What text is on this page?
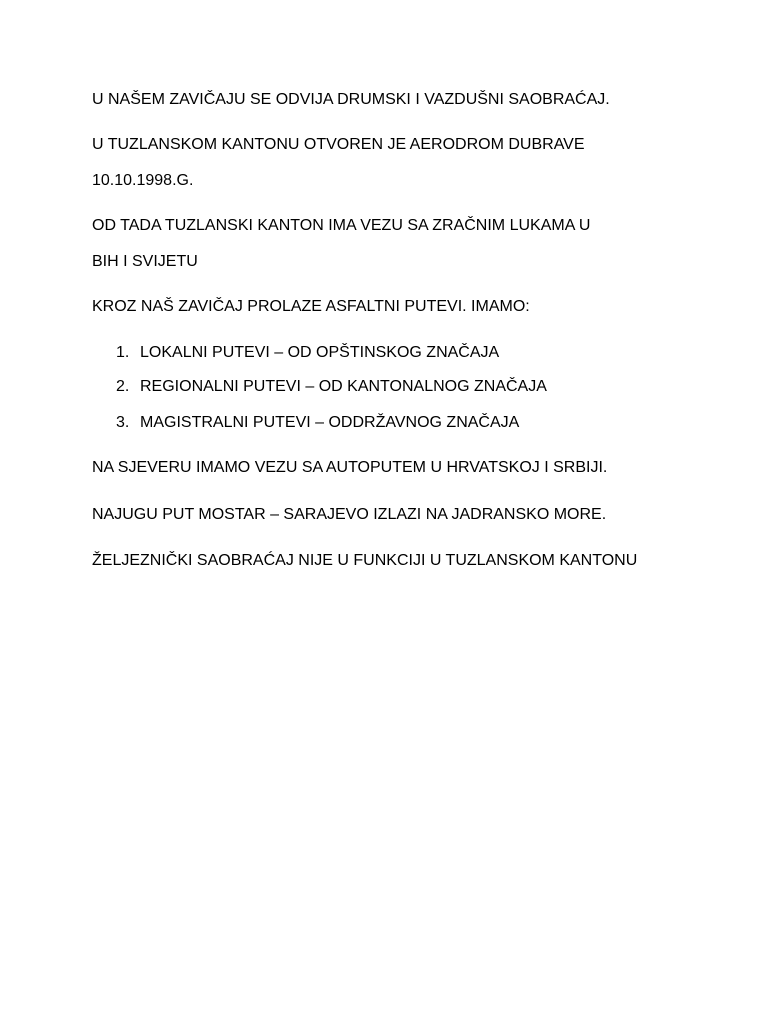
U NAŠEM ZAVIČAJU SE ODVIJA DRUMSKI I VAZDUŠNI SAOBRAĆAJ.

U TUZLANSKOM KANTONU OTVOREN JE AERODROM DUBRAVE

10.10.1998.G.

OD TADA TUZLANSKI KANTON IMA VEZU SA ZRAČNIM LUKAMA U

BIH I SVIJETU

KROZ NAŠ ZAVIČAJ PROLAZE ASFALTNI PUTEVI. IMAMO:

1. LOKALNI PUTEVI – OD OPŠTINSKOG ZNAČAJA
2. REGIONALNI PUTEVI – OD KANTONALNOG ZNAČAJA
3. MAGISTRALNI PUTEVI – ODDRŽAVNOG ZNAČAJA

NA SJEVERU IMAMO VEZU SA AUTOPUTEM U HRVATSKOJ I SRBIJI.

NAJUGU PUT MOSTAR – SARAJEVO IZLAZI NA JADRANSKO MORE.

ŽELJEZNIČKI SAOBRAĆAJ NIJE U FUNKCIJI U TUZLANSKOM KANTONU
